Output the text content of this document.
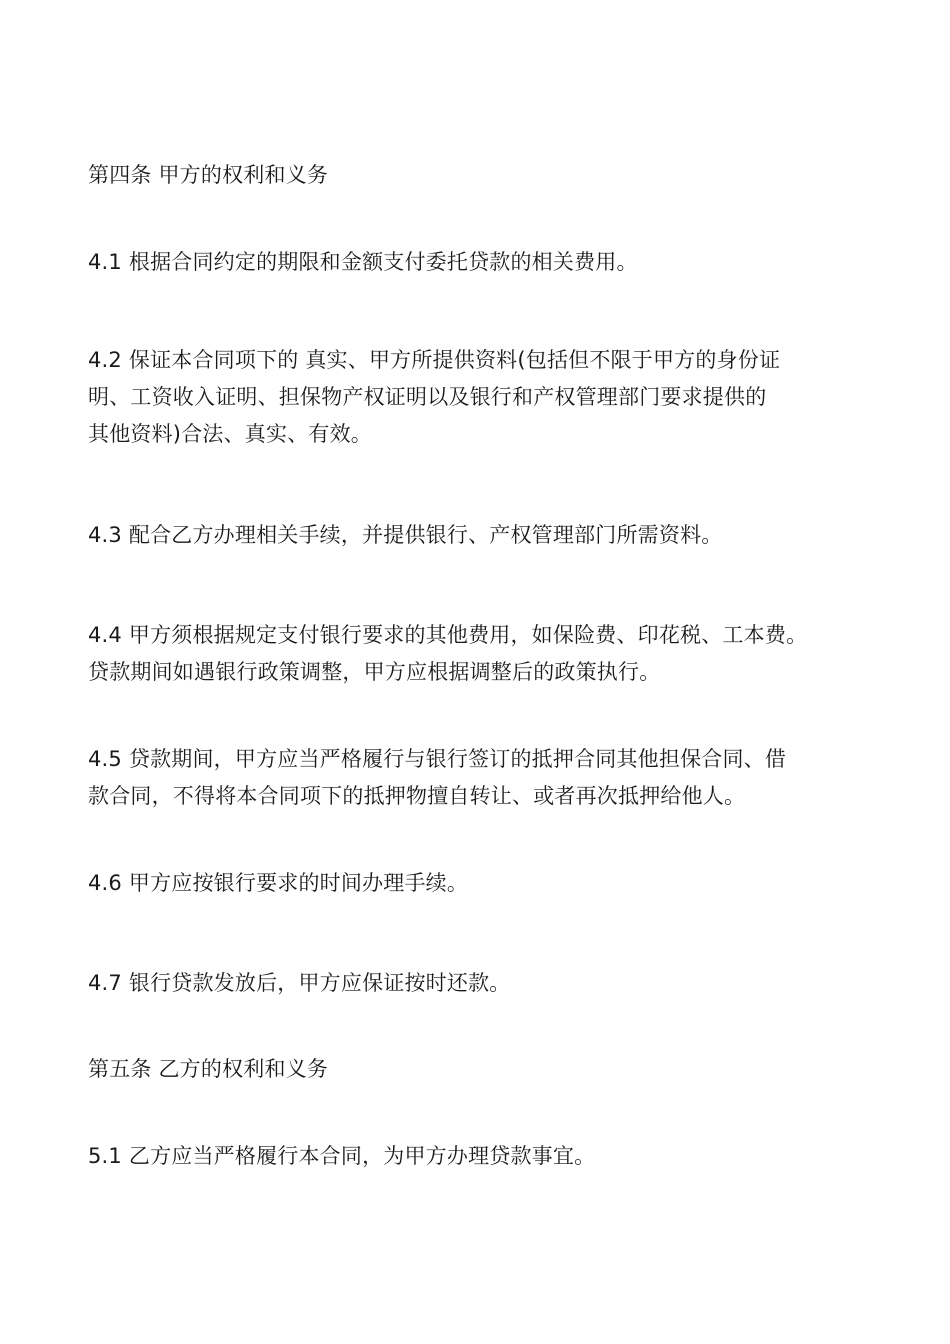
第四条 甲方的权利和义务

4.1 根据合同约定的期限和金额支付委托贷款的相关费用。

4.2 保证本合同项下的 真实、甲方所提供资料(包括但不限于甲方的身份证
明、工资收入证明、担保物产权证明以及银行和产权管理部门要求提供的
其他资料)合法、真实、有效。

4.3 配合乙方办理相关手续，并提供银行、产权管理部门所需资料。

4.4 甲方须根据规定支付银行要求的其他费用，如保险费、印花税、工本费。
贷款期间如遇银行政策调整，甲方应根据调整后的政策执行。

4.5 贷款期间，甲方应当严格履行与银行签订的抵押合同其他担保合同、借
款合同，不得将本合同项下的抵押物擅自转让、或者再次抵押给他人。

4.6 甲方应按银行要求的时间办理手续。

4.7 银行贷款发放后，甲方应保证按时还款。

第五条 乙方的权利和义务

5.1 乙方应当严格履行本合同，为甲方办理贷款事宜。
